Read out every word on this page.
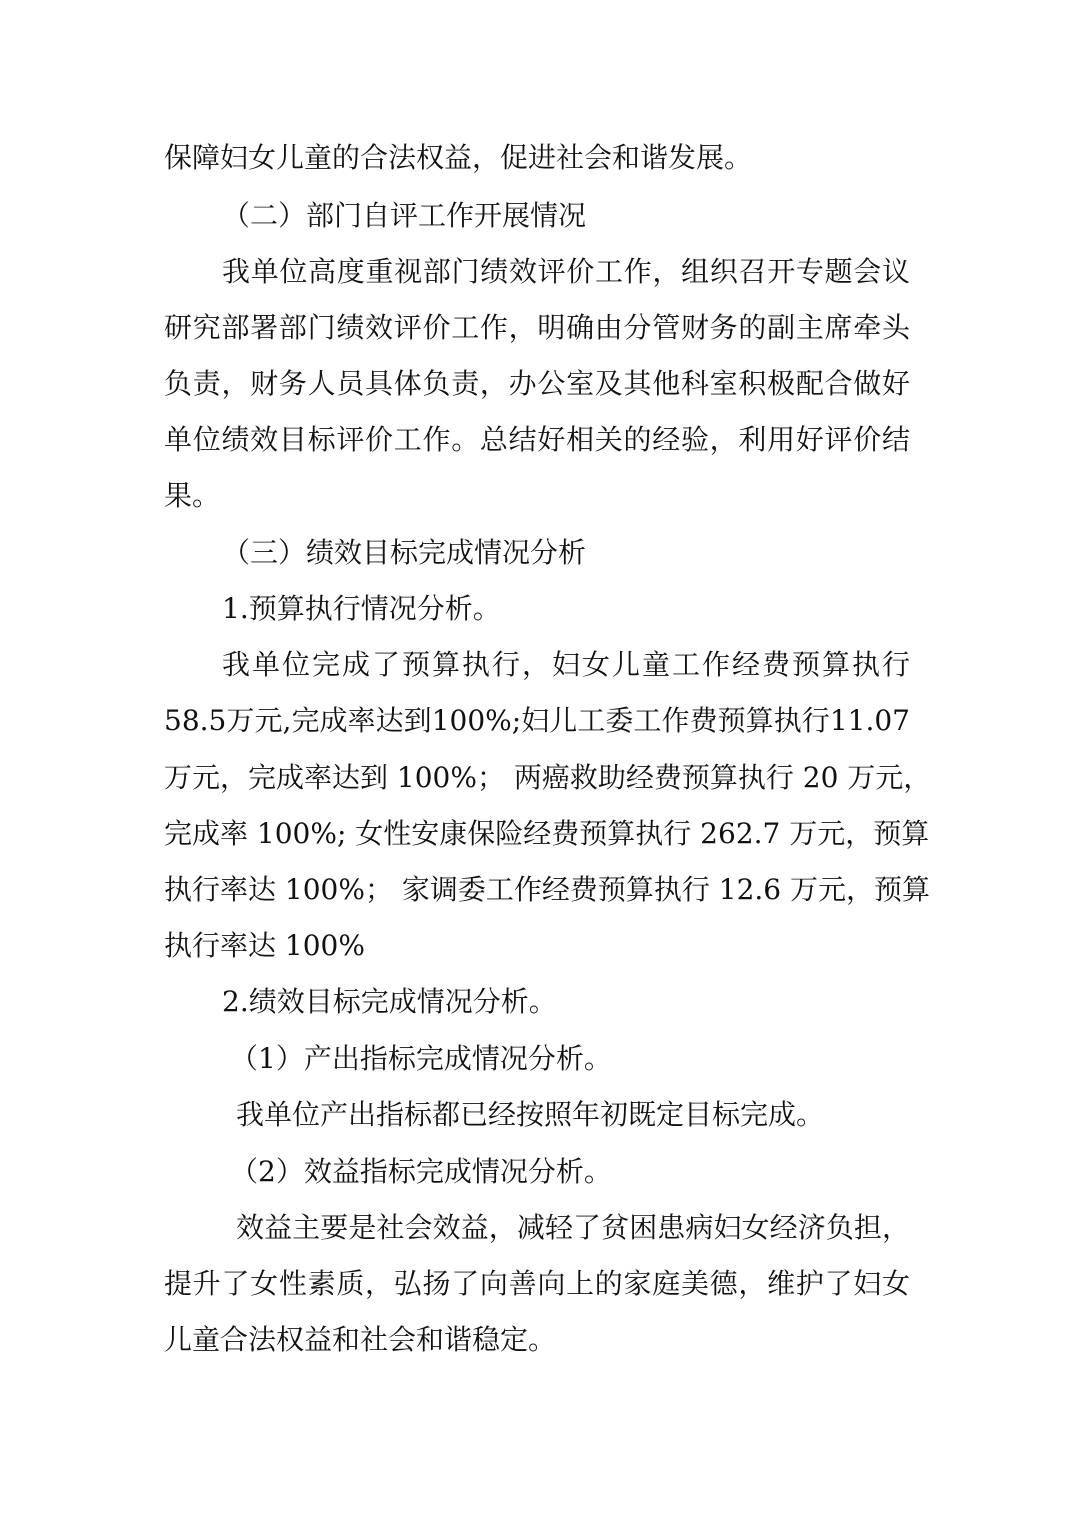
保障妇女儿童的合法权益，促进社会和谐发展。
（二）部门自评工作开展情况
我单位高度重视部门绩效评价工作，组织召开专题会议
研究部署部门绩效评价工作，明确由分管财务的副主席牵头
负责，财务人员具体负责，办公室及其他科室积极配合做好
单位绩效目标评价工作。总结好相关的经验，利用好评价结
果。
（三）绩效目标完成情况分析
1.预算执行情况分析。
我单位完成了预算执行，妇女儿童工作经费预算执行
58.5万元,完成率达到100%;妇儿工委工作费预算执行11.07
万元，完成率达到 100%； 两癌救助经费预算执行 20 万元，
完成率 100%; 女性安康保险经费预算执行 262.7 万元，预算
执行率达 100%； 家调委工作经费预算执行 12.6 万元，预算
执行率达 100%
2.绩效目标完成情况分析。
（1）产出指标完成情况分析。
我单位产出指标都已经按照年初既定目标完成。
（2）效益指标完成情况分析。
效益主要是社会效益，减轻了贫困患病妇女经济负担，
提升了女性素质，弘扬了向善向上的家庭美德，维护了妇女
儿童合法权益和社会和谐稳定。
